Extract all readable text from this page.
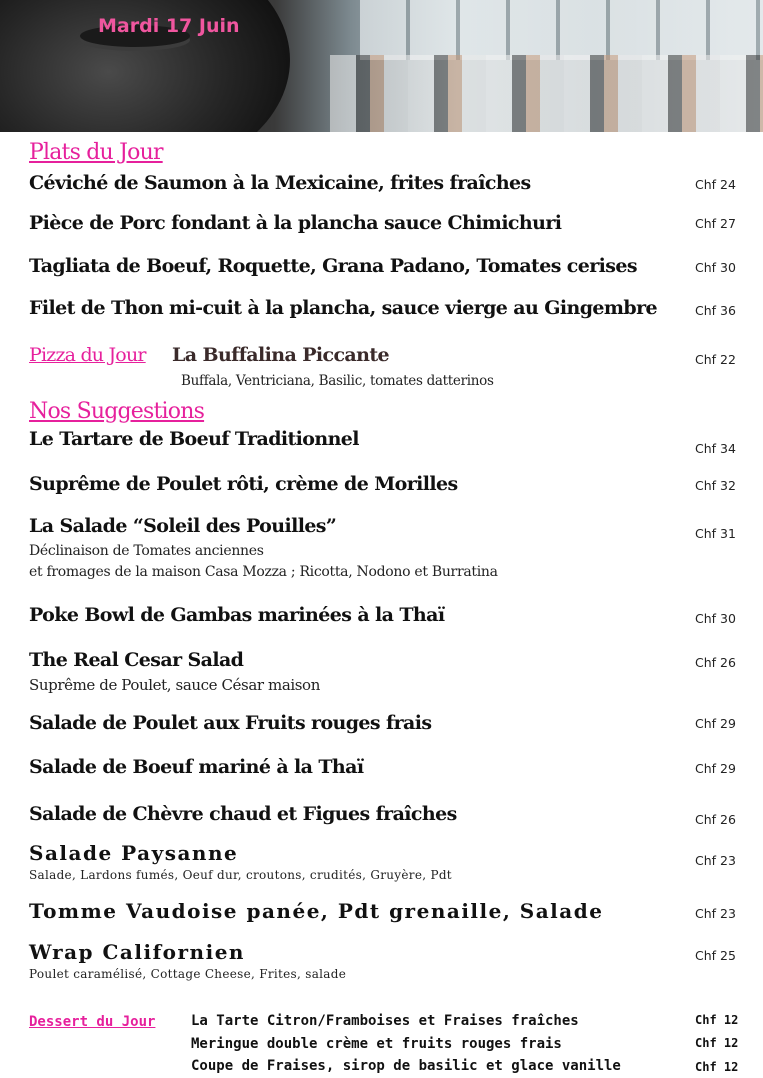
Mardi 17 Juin
Plats du Jour
Céviché de Saumon à la Mexicaine, frites fraîches	Chf 24
Pièce de Porc fondant à la plancha sauce Chimichuri	Chf 27
Tagliata de Boeuf, Roquette, Grana Padano, Tomates cerises	Chf 30
Filet de Thon mi-cuit à la plancha, sauce vierge au Gingembre	Chf 36
Pizza du Jour La Buffalina Piccante
Buffala, Ventriciana, Basilic, tomates datterinos
Chf 22
Nos Suggestions
Le Tartare de Boeuf Traditionnel	Chf 34
Suprême de Poulet rôti, crème de Morilles	Chf 32
La Salade “Soleil des Pouilles”
Déclinaison de Tomates anciennes
et fromages de la maison Casa Mozza ; Ricotta, Nodono et Burratina
Chf 31
Poke Bowl de Gambas marinées à la Thaï	Chf 30
The Real Cesar Salad
Suprême de Poulet, sauce César maison
Chf 26
Salade de Poulet aux Fruits rouges frais	Chf 29
Salade de Boeuf mariné à la Thaï	Chf 29
Salade de Chèvre chaud et Figues fraîches	Chf 26
Salade Paysanne
Salade, Lardons fumés, Oeuf dur, croutons, crudités, Gruyère, Pdt
Chf 23
Tomme Vaudoise panée, Pdt grenaille, Salade	Chf 23
Wrap Californien
Poulet caramélisé, Cottage Cheese, Frites, salade
Chf 25
Dessert du Jour	La Tarte Citron/Framboises et Fraises fraîches	Chf 12
Meringue double crème et fruits rouges frais	Chf 12
Coupe de Fraises, sirop de basilic et glace vanille	Chf 12
